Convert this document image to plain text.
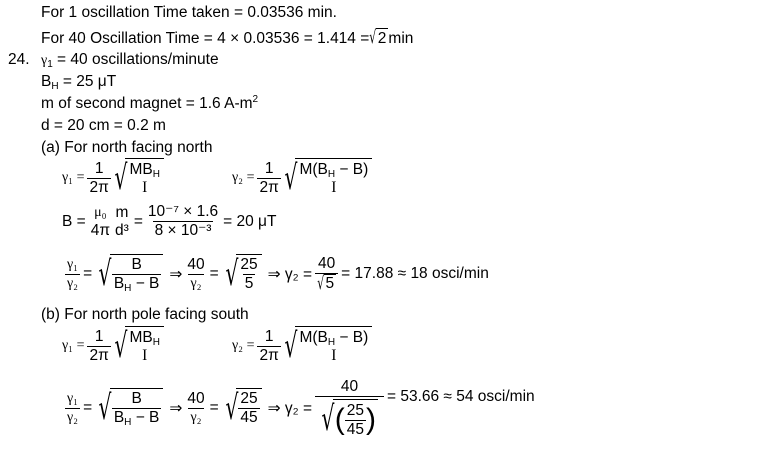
For 1 oscillation Time taken = 0.03536 min.
For 40 Oscillation Time = 4 × 0.03536 = 1.414 = √ 2 min
24. $\gamma_1 = 40$ oscillations/minute
$B_H = 25$ μT
m of second magnet = 1.6 $A-m^2$
d = 20 cm = 0.2 m
(a) For north facing north
$\gamma_1 = \frac{1}{2\pi}$ √ $MB_H$
I
$\gamma_2 = \frac{1}{2\pi}$ √ $M(B_H - B)$
I
B =
μ₀
4π
m
d³
= $\frac{\text{10⁻⁷ × 1.6}}{\text{8 × 10⁻³}} = 20$ μT
$\frac{\text{γ₁}}{\text{γ₂}}$ = √ $\frac{B}{B_H - B}$ ⇒ $\frac{40}{\text{γ₂}}$ = √ $\frac{25}{5}$ ⇒ $\gamma_2 = \frac{40}{√ 5} = 17.88 \approx 18$ osci/min
(b) For north pole facing south
$\gamma_1 = \frac{1}{2\pi}$ √ $MB_H$
I
$\gamma_2 = \frac{1}{2\pi}$ √ $M(B_H - B)$
I
$\frac{\text{γ₁}}{\text{γ₂}}$ = √ $\frac{B}{B_H - B}$ ⇒ $\frac{40}{\text{γ₂}}$ = √ $\frac{25}{45}$ ⇒ $\gamma_2 = \frac{40}{√ ( \frac{25}{45} )} = 53.66 \approx 54$ osci/min
